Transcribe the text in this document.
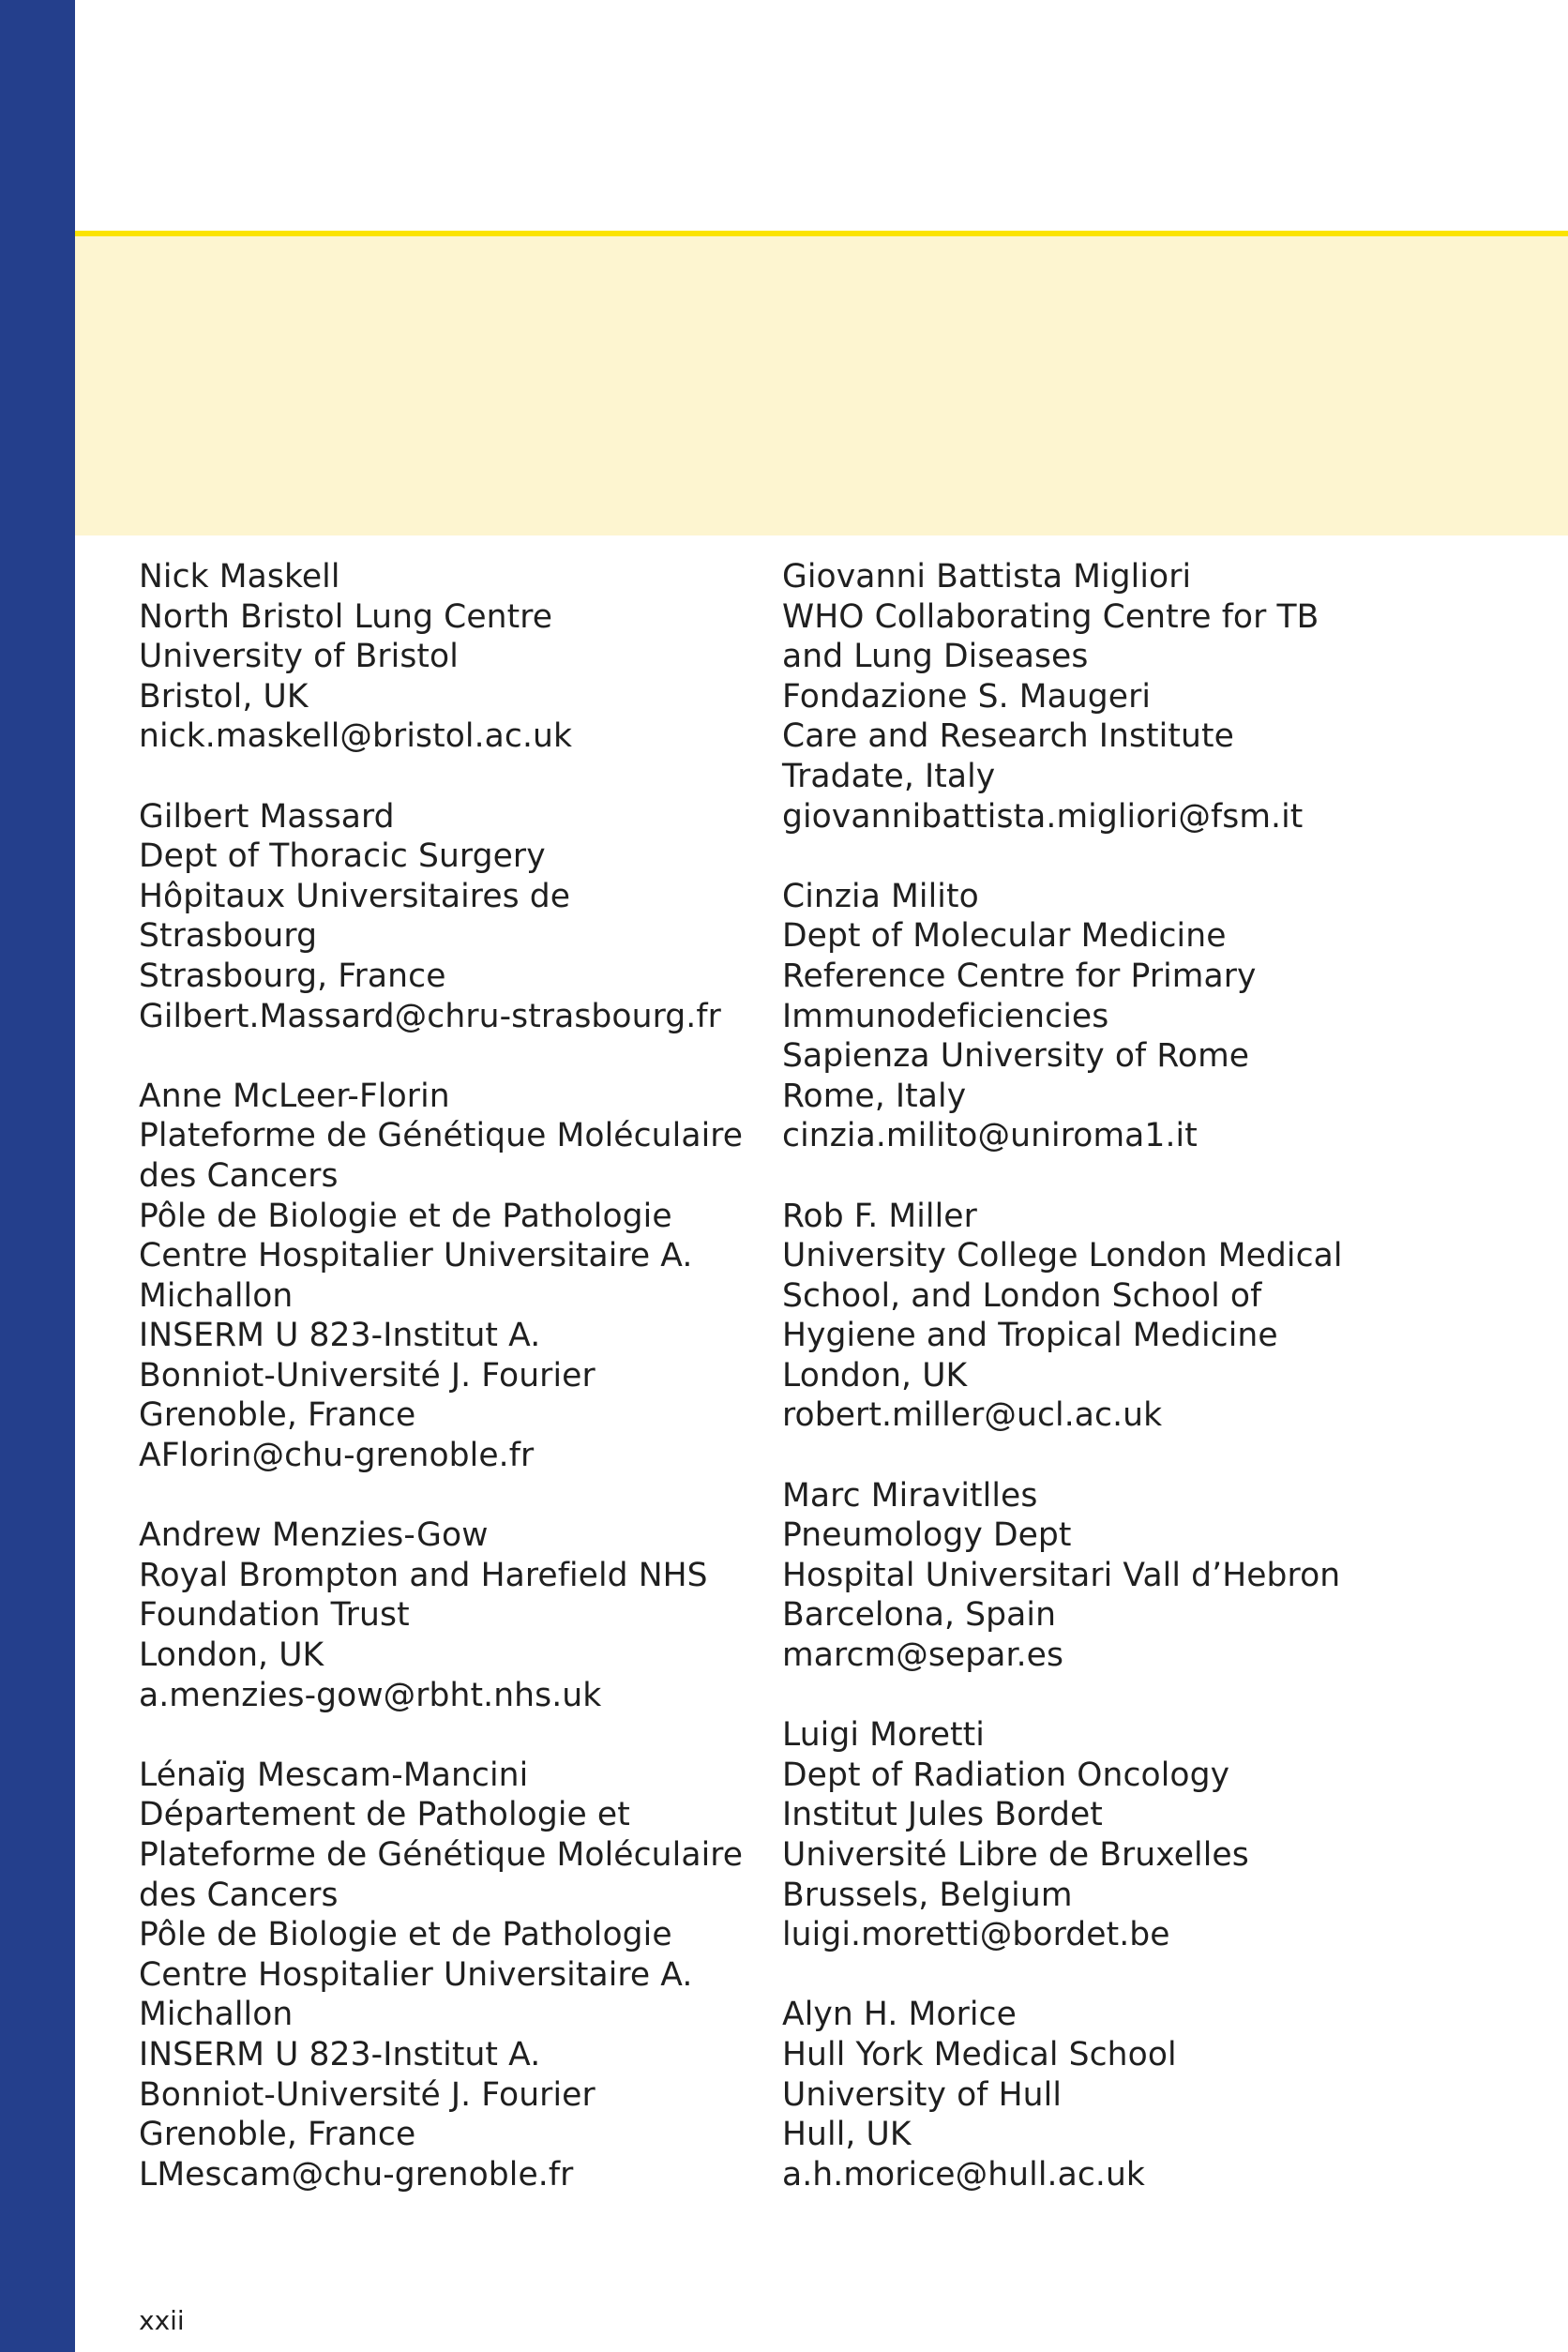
Nick Maskell
North Bristol Lung Centre
University of Bristol
Bristol, UK
nick.maskell@bristol.ac.uk
Gilbert Massard
Dept of Thoracic Surgery
Hôpitaux Universitaires de
Strasbourg
Strasbourg, France
Gilbert.Massard@chru-strasbourg.fr
Anne McLeer-Florin
Plateforme de Génétique Moléculaire
des Cancers
Pôle de Biologie et de Pathologie
Centre Hospitalier Universitaire A.
Michallon
INSERM U 823-Institut A.
Bonniot-Université J. Fourier
Grenoble, France
AFlorin@chu-grenoble.fr
Andrew Menzies-Gow
Royal Brompton and Harefield NHS
Foundation Trust
London, UK
a.menzies-gow@rbht.nhs.uk
Lénaïg Mescam-Mancini
Département de Pathologie et
Plateforme de Génétique Moléculaire
des Cancers
Pôle de Biologie et de Pathologie
Centre Hospitalier Universitaire A.
Michallon
INSERM U 823-Institut A.
Bonniot-Université J. Fourier
Grenoble, France
LMescam@chu-grenoble.fr
Giovanni Battista Migliori
WHO Collaborating Centre for TB
and Lung Diseases
Fondazione S. Maugeri
Care and Research Institute
Tradate, Italy
giovannibattista.migliori@fsm.it
Cinzia Milito
Dept of Molecular Medicine
Reference Centre for Primary
Immunodeficiencies
Sapienza University of Rome
Rome, Italy
cinzia.milito@uniroma1.it
Rob F. Miller
University College London Medical
School, and London School of
Hygiene and Tropical Medicine
London, UK
robert.miller@ucl.ac.uk
Marc Miravitlles
Pneumology Dept
Hospital Universitari Vall d’Hebron
Barcelona, Spain
marcm@separ.es
Luigi Moretti
Dept of Radiation Oncology
Institut Jules Bordet
Université Libre de Bruxelles
Brussels, Belgium
luigi.moretti@bordet.be
Alyn H. Morice
Hull York Medical School
University of Hull
Hull, UK
a.h.morice@hull.ac.uk
xxii
